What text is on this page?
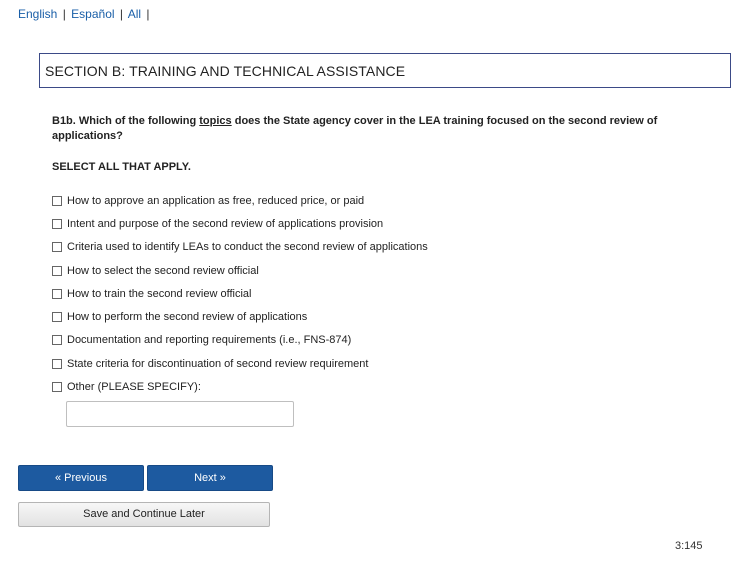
English | Español | All |
SECTION B: TRAINING AND TECHNICAL ASSISTANCE
B1b. Which of the following topics does the State agency cover in the LEA training focused on the second review of applications?
SELECT ALL THAT APPLY.
How to approve an application as free, reduced price, or paid
Intent and purpose of the second review of applications provision
Criteria used to identify LEAs to conduct the second review of applications
How to select the second review official
How to train the second review official
How to perform the second review of applications
Documentation and reporting requirements (i.e., FNS-874)
State criteria for discontinuation of second review requirement
Other (PLEASE SPECIFY):
« Previous	Next »
Save and Continue Later
3:145
